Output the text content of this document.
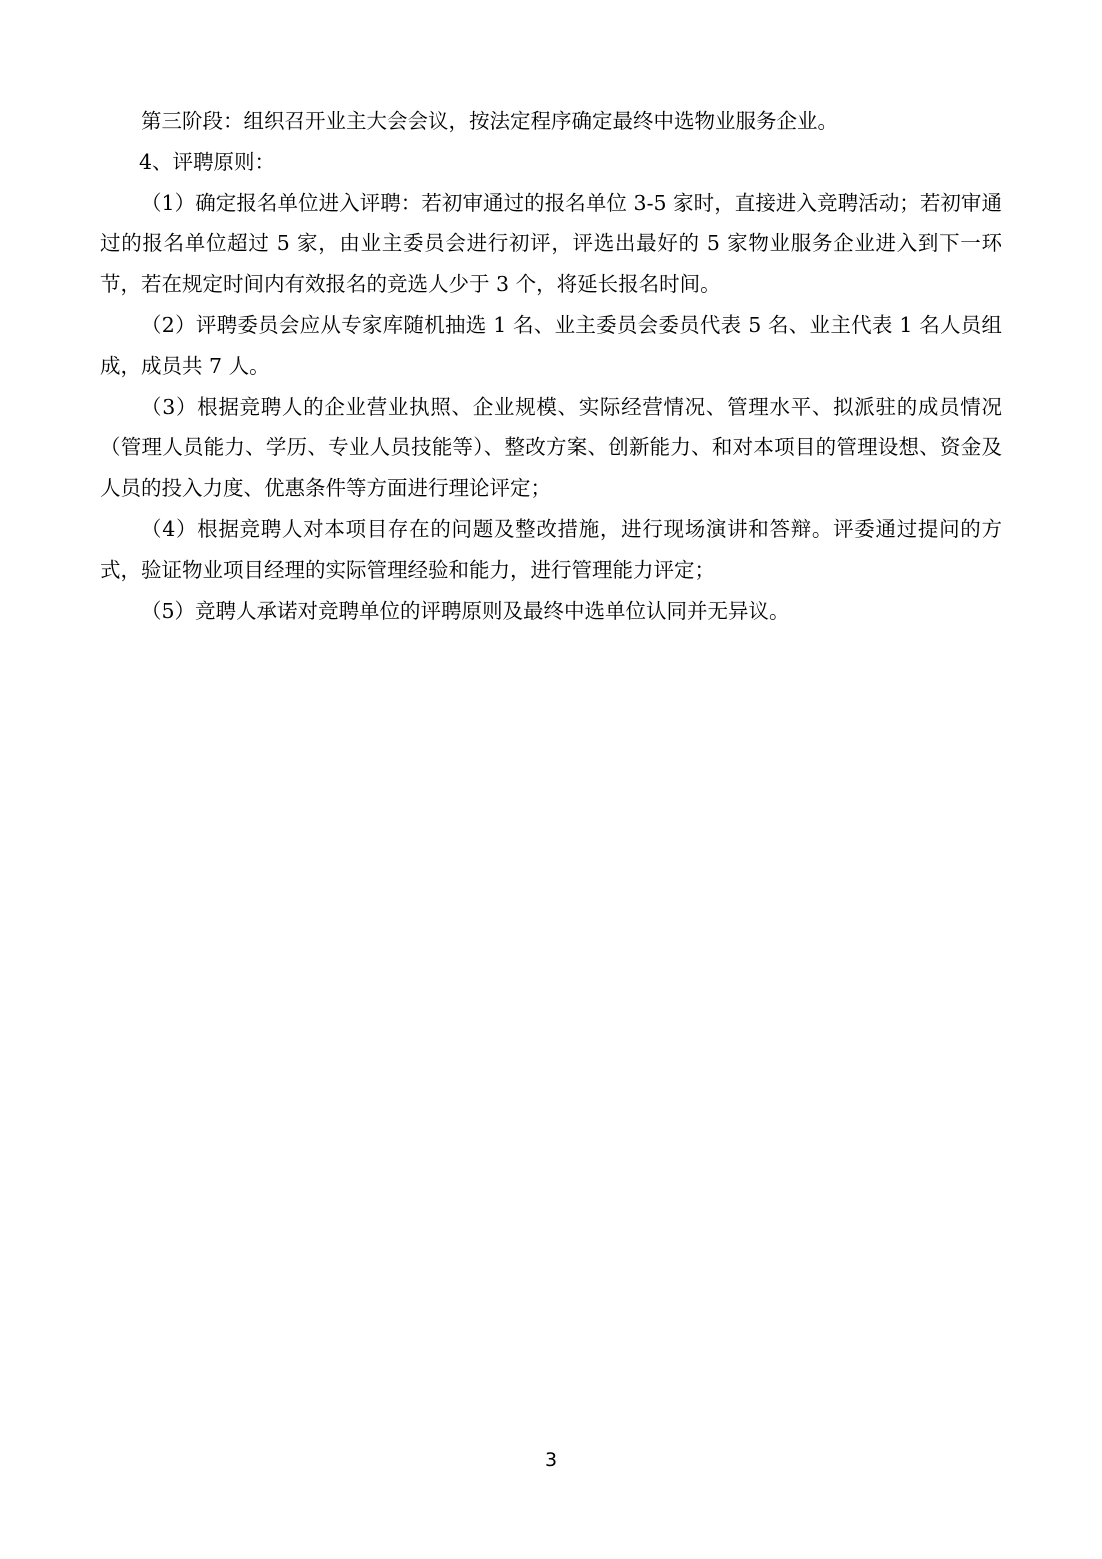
第三阶段：组织召开业主大会会议，按法定程序确定最终中选物业服务企业。

4、评聘原则：

（1）确定报名单位进入评聘：若初审通过的报名单位 3-5 家时，直接进入竞聘活动；若初审通过的报名单位超过 5 家，由业主委员会进行初评，评选出最好的 5 家物业服务企业进入到下一环节，若在规定时间内有效报名的竞选人少于 3 个，将延长报名时间。

（2）评聘委员会应从专家库随机抽选 1 名、业主委员会委员代表 5 名、业主代表 1 名人员组成，成员共 7 人。

（3）根据竞聘人的企业营业执照、企业规模、实际经营情况、管理水平、拟派驻的成员情况（管理人员能力、学历、专业人员技能等）、整改方案、创新能力、和对本项目的管理设想、资金及人员的投入力度、优惠条件等方面进行理论评定；

（4）根据竞聘人对本项目存在的问题及整改措施，进行现场演讲和答辩。评委通过提问的方式，验证物业项目经理的实际管理经验和能力，进行管理能力评定；

（5）竞聘人承诺对竞聘单位的评聘原则及最终中选单位认同并无异议。

3
